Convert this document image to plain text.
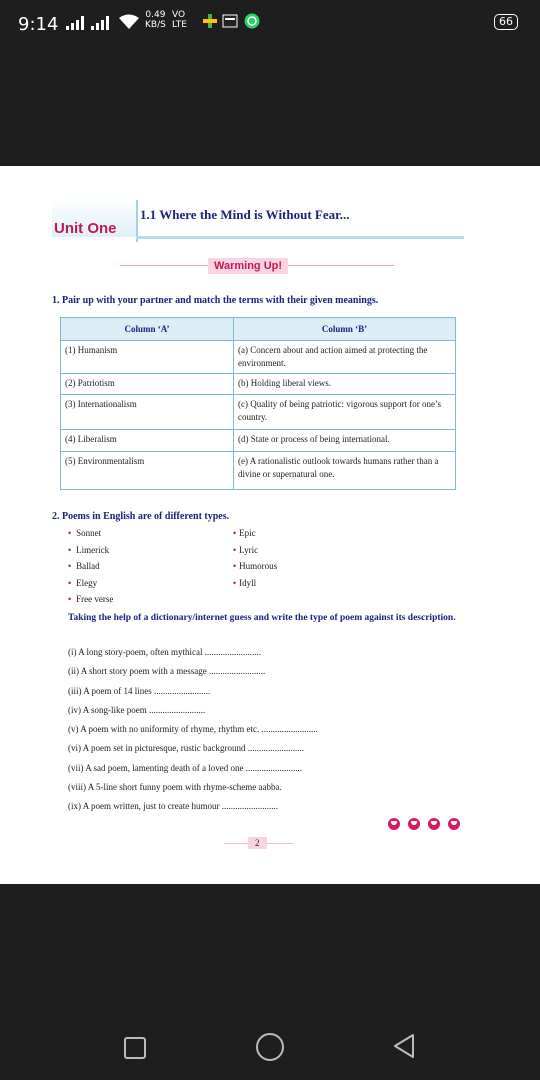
9:14	0.49
KB/S
VO
LTE	66
Unit One
1.1 Where the Mind is Without Fear...
Warming Up!
1. Pair up with your partner and match the terms with their given meanings.
Column ‘A’	Column ‘B’
(1) Humanism	(a) Concern about and action aimed at protecting the environment.
(2) Patriotism	(b) Holding liberal views.
(3) Internationalism	(c) Quality of being patriotic: vigorous support for one’s country.
(4) Liberalism	(d) State or process of being international.
(5) Environmentalism	(e) A rationalistic outlook towards humans rather than a divine or supernatural one.
2. Poems in English are of different types.
• Sonnet
• Limerick
• Ballad
• Elegy
• Free verse
• Epic
• Lyric
• Humorous
• Idyll
Taking the help of a dictionary/internet guess and write the type of poem against its description.
(i) A long story-poem, often mythical .........................
(ii) A short story poem with a message .........................
(iii) A poem of 14 lines .........................
(iv) A song-like poem .........................
(v) A poem with no uniformity of rhyme, rhythm etc. .........................
(vi) A poem set in picturesque, rustic background .........................
(vii) A sad poem, lamenting death of a loved one .........................
(viii) A 5-line short funny poem with rhyme-scheme aabba.
(ix) A poem written, just to create humour .........................
2
